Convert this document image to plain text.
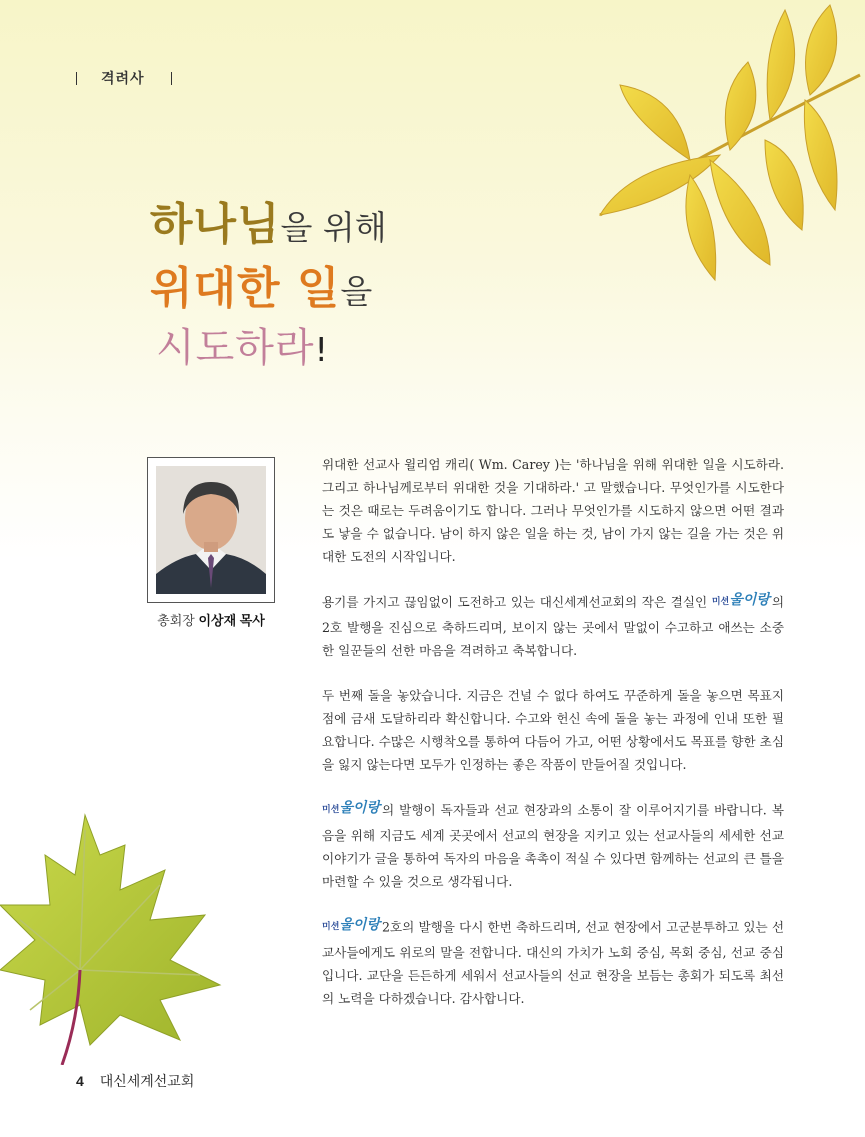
격려사
하나님을 위해
위대한 일을
시도하라!
총회장 이상재 목사

위대한 선교사 윌리엄 캐리( Wm. Carey )는 '하나님을 위해 위대한 일을 시도하라. 그리고 하나님께로부터 위대한 것을 기대하라.' 고 말했습니다. 무엇인가를 시도한다는 것은 때로는 두려움이기도 합니다. 그러나 무엇인가를 시도하지 않으면 어떤 결과도 낳을 수 없습니다. 남이 하지 않은 일을 하는 것, 남이 가지 않는 길을 가는 것은 위대한 도전의 시작입니다.

용기를 가지고 끊임없이 도전하고 있는 대신세계선교회의 작은 결실인 미션울이랑 의 2호 발행을 진심으로 축하드리며, 보이지 않는 곳에서 말없이 수고하고 애쓰는 소중한 일꾼들의 선한 마음을 격려하고 축복합니다.

두 번째 돌을 놓았습니다. 지금은 건널 수 없다 하여도 꾸준하게 돌을 놓으면 목표지점에 금새 도달하리라 확신합니다. 수고와 헌신 속에 돌을 놓는 과정에 인내 또한 필요합니다. 수많은 시행착오를 통하여 다듬어 가고, 어떤 상황에서도 목표를 향한 초심을 잃지 않는다면 모두가 인정하는 좋은 작품이 만들어질 것입니다.

미션울이랑 의 발행이 독자들과 선교 현장과의 소통이 잘 이루어지기를 바랍니다. 복음을 위해 지금도 세계 곳곳에서 선교의 현장을 지키고 있는 선교사들의 세세한 선교 이야기가 글을 통하여 독자의 마음을 촉촉이 적실 수 있다면 함께하는 선교의 큰 틀을 마련할 수 있을 것으로 생각됩니다.

미션울이랑 2호의 발행을 다시 한번 축하드리며, 선교 현장에서 고군분투하고 있는 선교사들에게도 위로의 말을 전합니다. 대신의 가치가 노회 중심, 목회 중심, 선교 중심입니다. 교단을 든든하게 세워서 선교사들의 선교 현장을 보듬는 총회가 되도록 최선의 노력을 다하겠습니다. 감사합니다.

4 대신세계선교회
